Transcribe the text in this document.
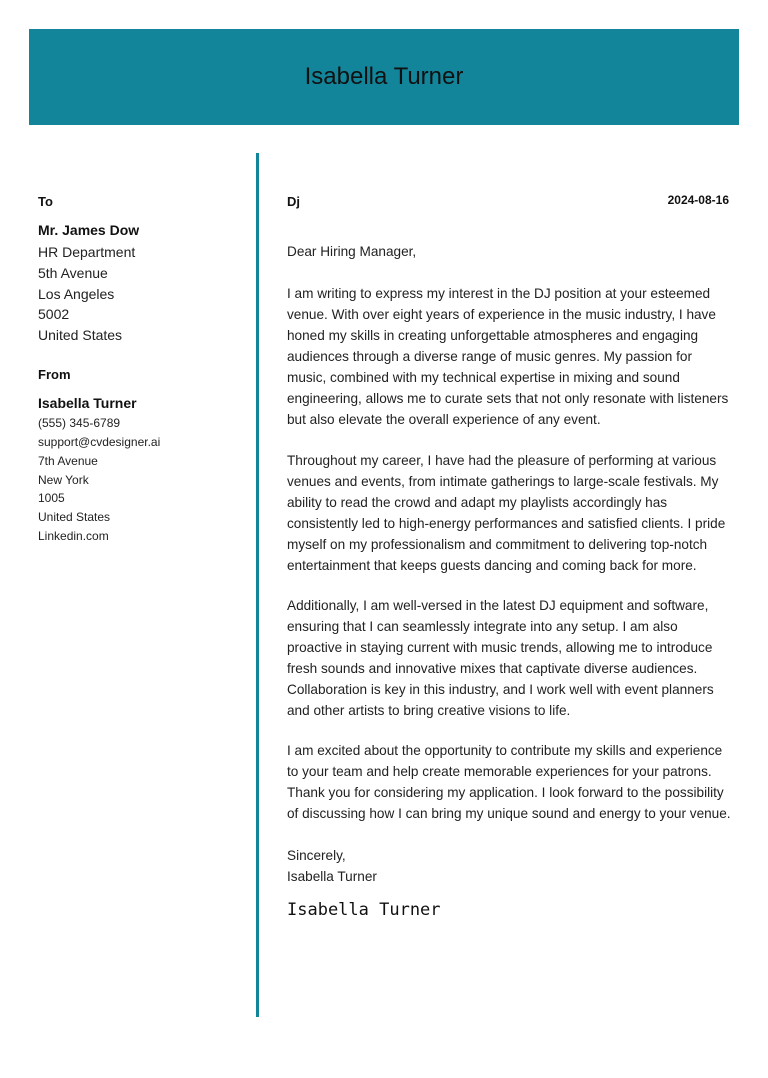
Isabella Turner
To
Mr. James Dow
HR Department
5th Avenue
Los Angeles
5002
United States
From
Isabella Turner
(555) 345-6789
support@cvdesigner.ai
7th Avenue
New York
1005
United States
Linkedin.com
Dj	2024-08-16

Dear Hiring Manager,

I am writing to express my interest in the DJ position at your esteemed venue. With over eight years of experience in the music industry, I have honed my skills in creating unforgettable atmospheres and engaging audiences through a diverse range of music genres. My passion for music, combined with my technical expertise in mixing and sound engineering, allows me to curate sets that not only resonate with listeners but also elevate the overall experience of any event.

Throughout my career, I have had the pleasure of performing at various venues and events, from intimate gatherings to large-scale festivals. My ability to read the crowd and adapt my playlists accordingly has consistently led to high-energy performances and satisfied clients. I pride myself on my professionalism and commitment to delivering top-notch entertainment that keeps guests dancing and coming back for more.

Additionally, I am well-versed in the latest DJ equipment and software, ensuring that I can seamlessly integrate into any setup. I am also proactive in staying current with music trends, allowing me to introduce fresh sounds and innovative mixes that captivate diverse audiences. Collaboration is key in this industry, and I work well with event planners and other artists to bring creative visions to life.

I am excited about the opportunity to contribute my skills and experience to your team and help create memorable experiences for your patrons. Thank you for considering my application. I look forward to the possibility of discussing how I can bring my unique sound and energy to your venue.

Sincerely,

Isabella Turner

Isabella Turner
